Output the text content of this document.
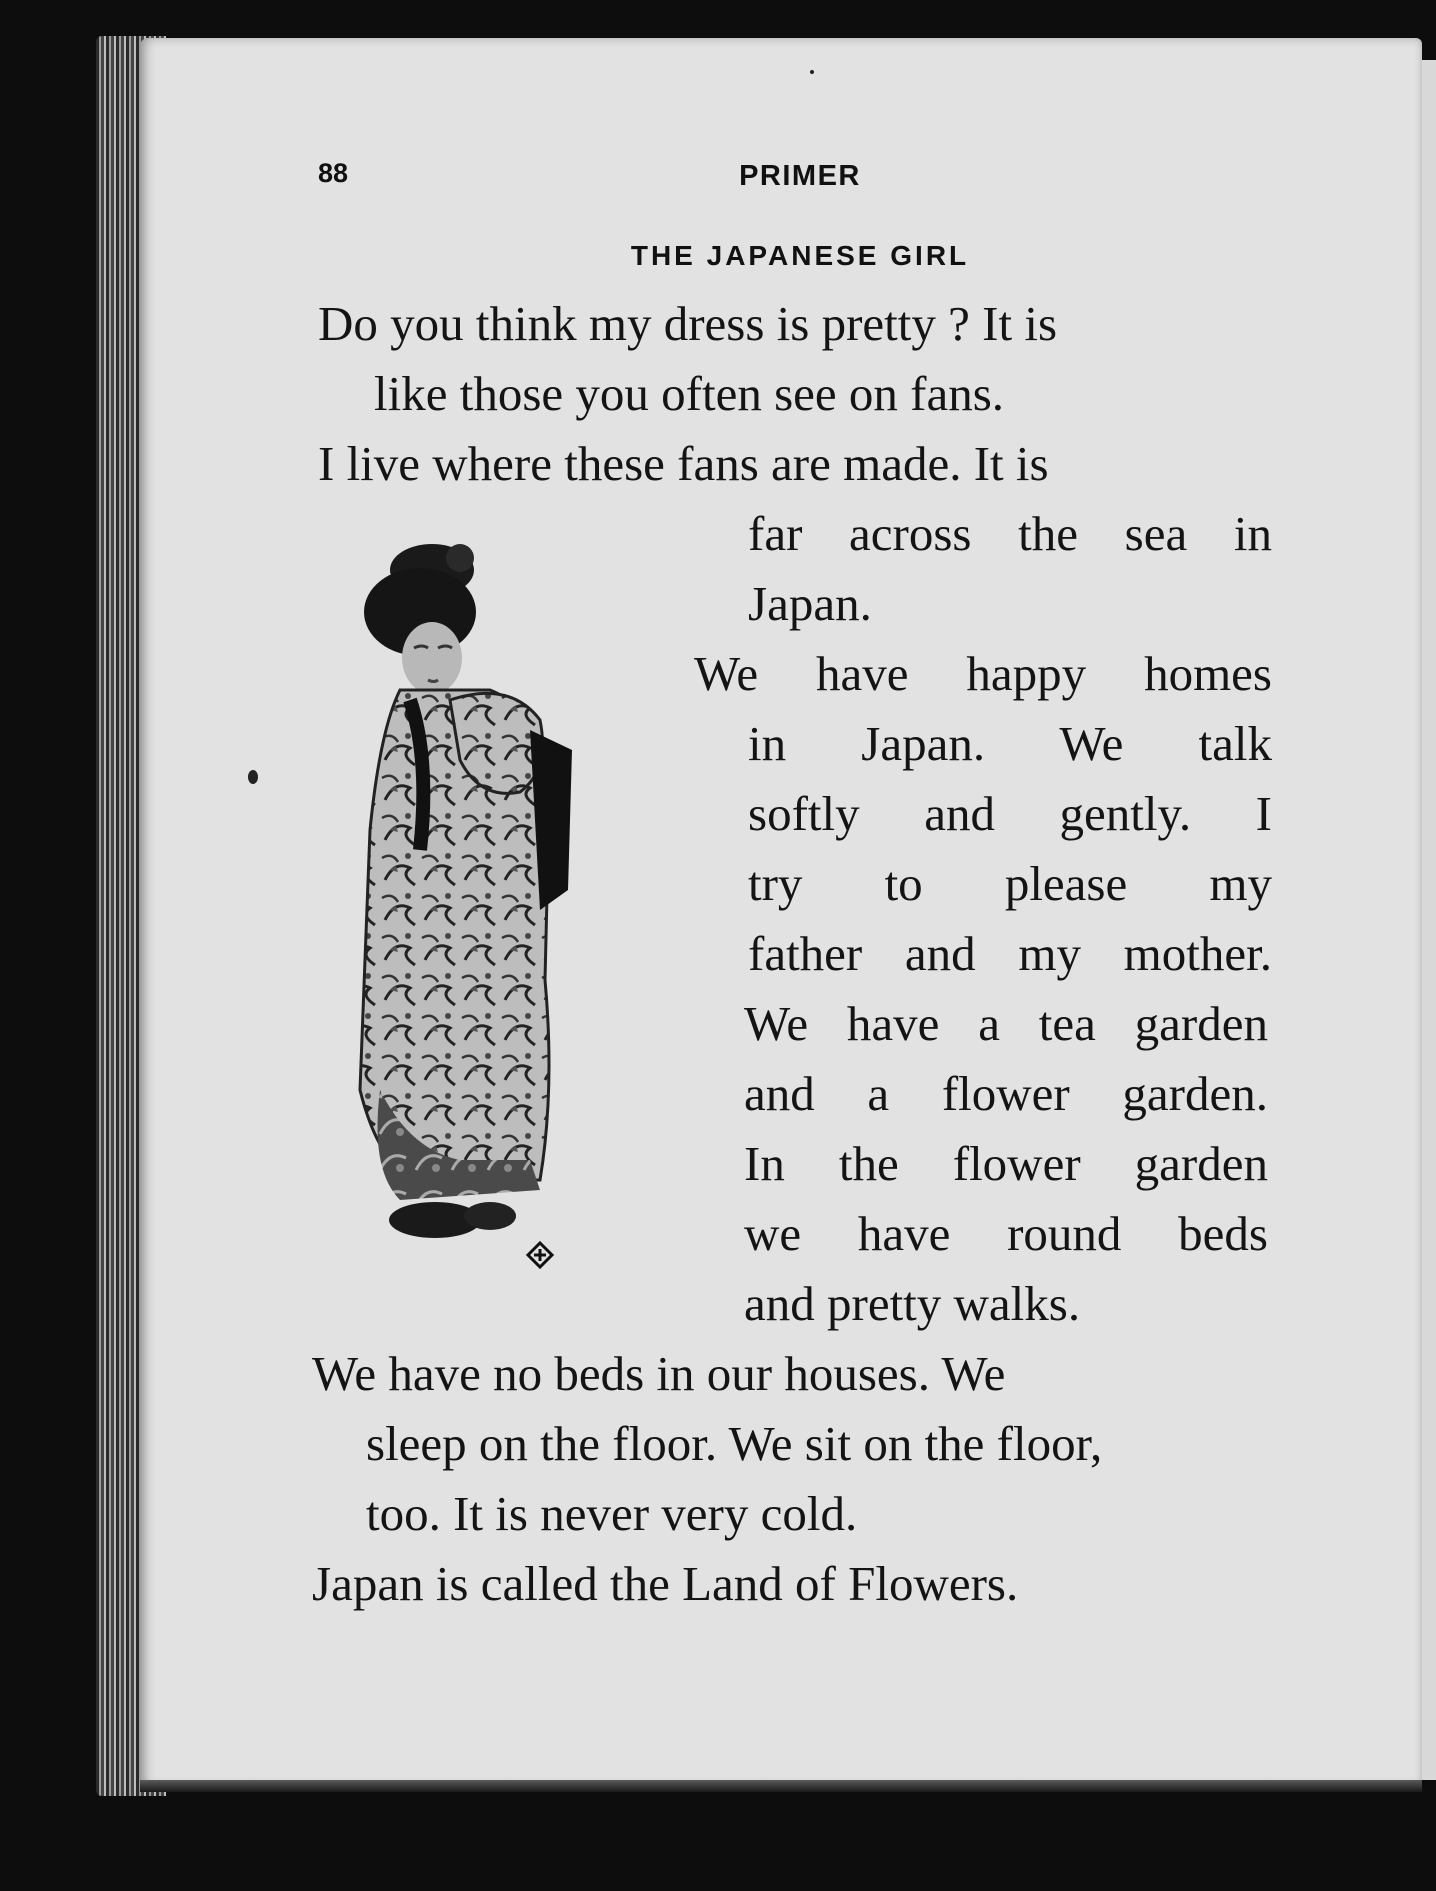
88	PRIMER
THE JAPANESE GIRL
Do you think my dress is pretty ? It is
like those you often see on fans.
I live where these fans are made. It is
far across the sea in
Japan.
We have happy homes
in Japan. We talk
softly and gently. I
try to please my
father and my mother.
We have a tea garden
and a flower garden.
In the flower garden
we have round beds
and pretty walks.
We have no beds in our houses. We
sleep on the floor. We sit on the floor,
too. It is never very cold.
Japan is called the Land of Flowers.
